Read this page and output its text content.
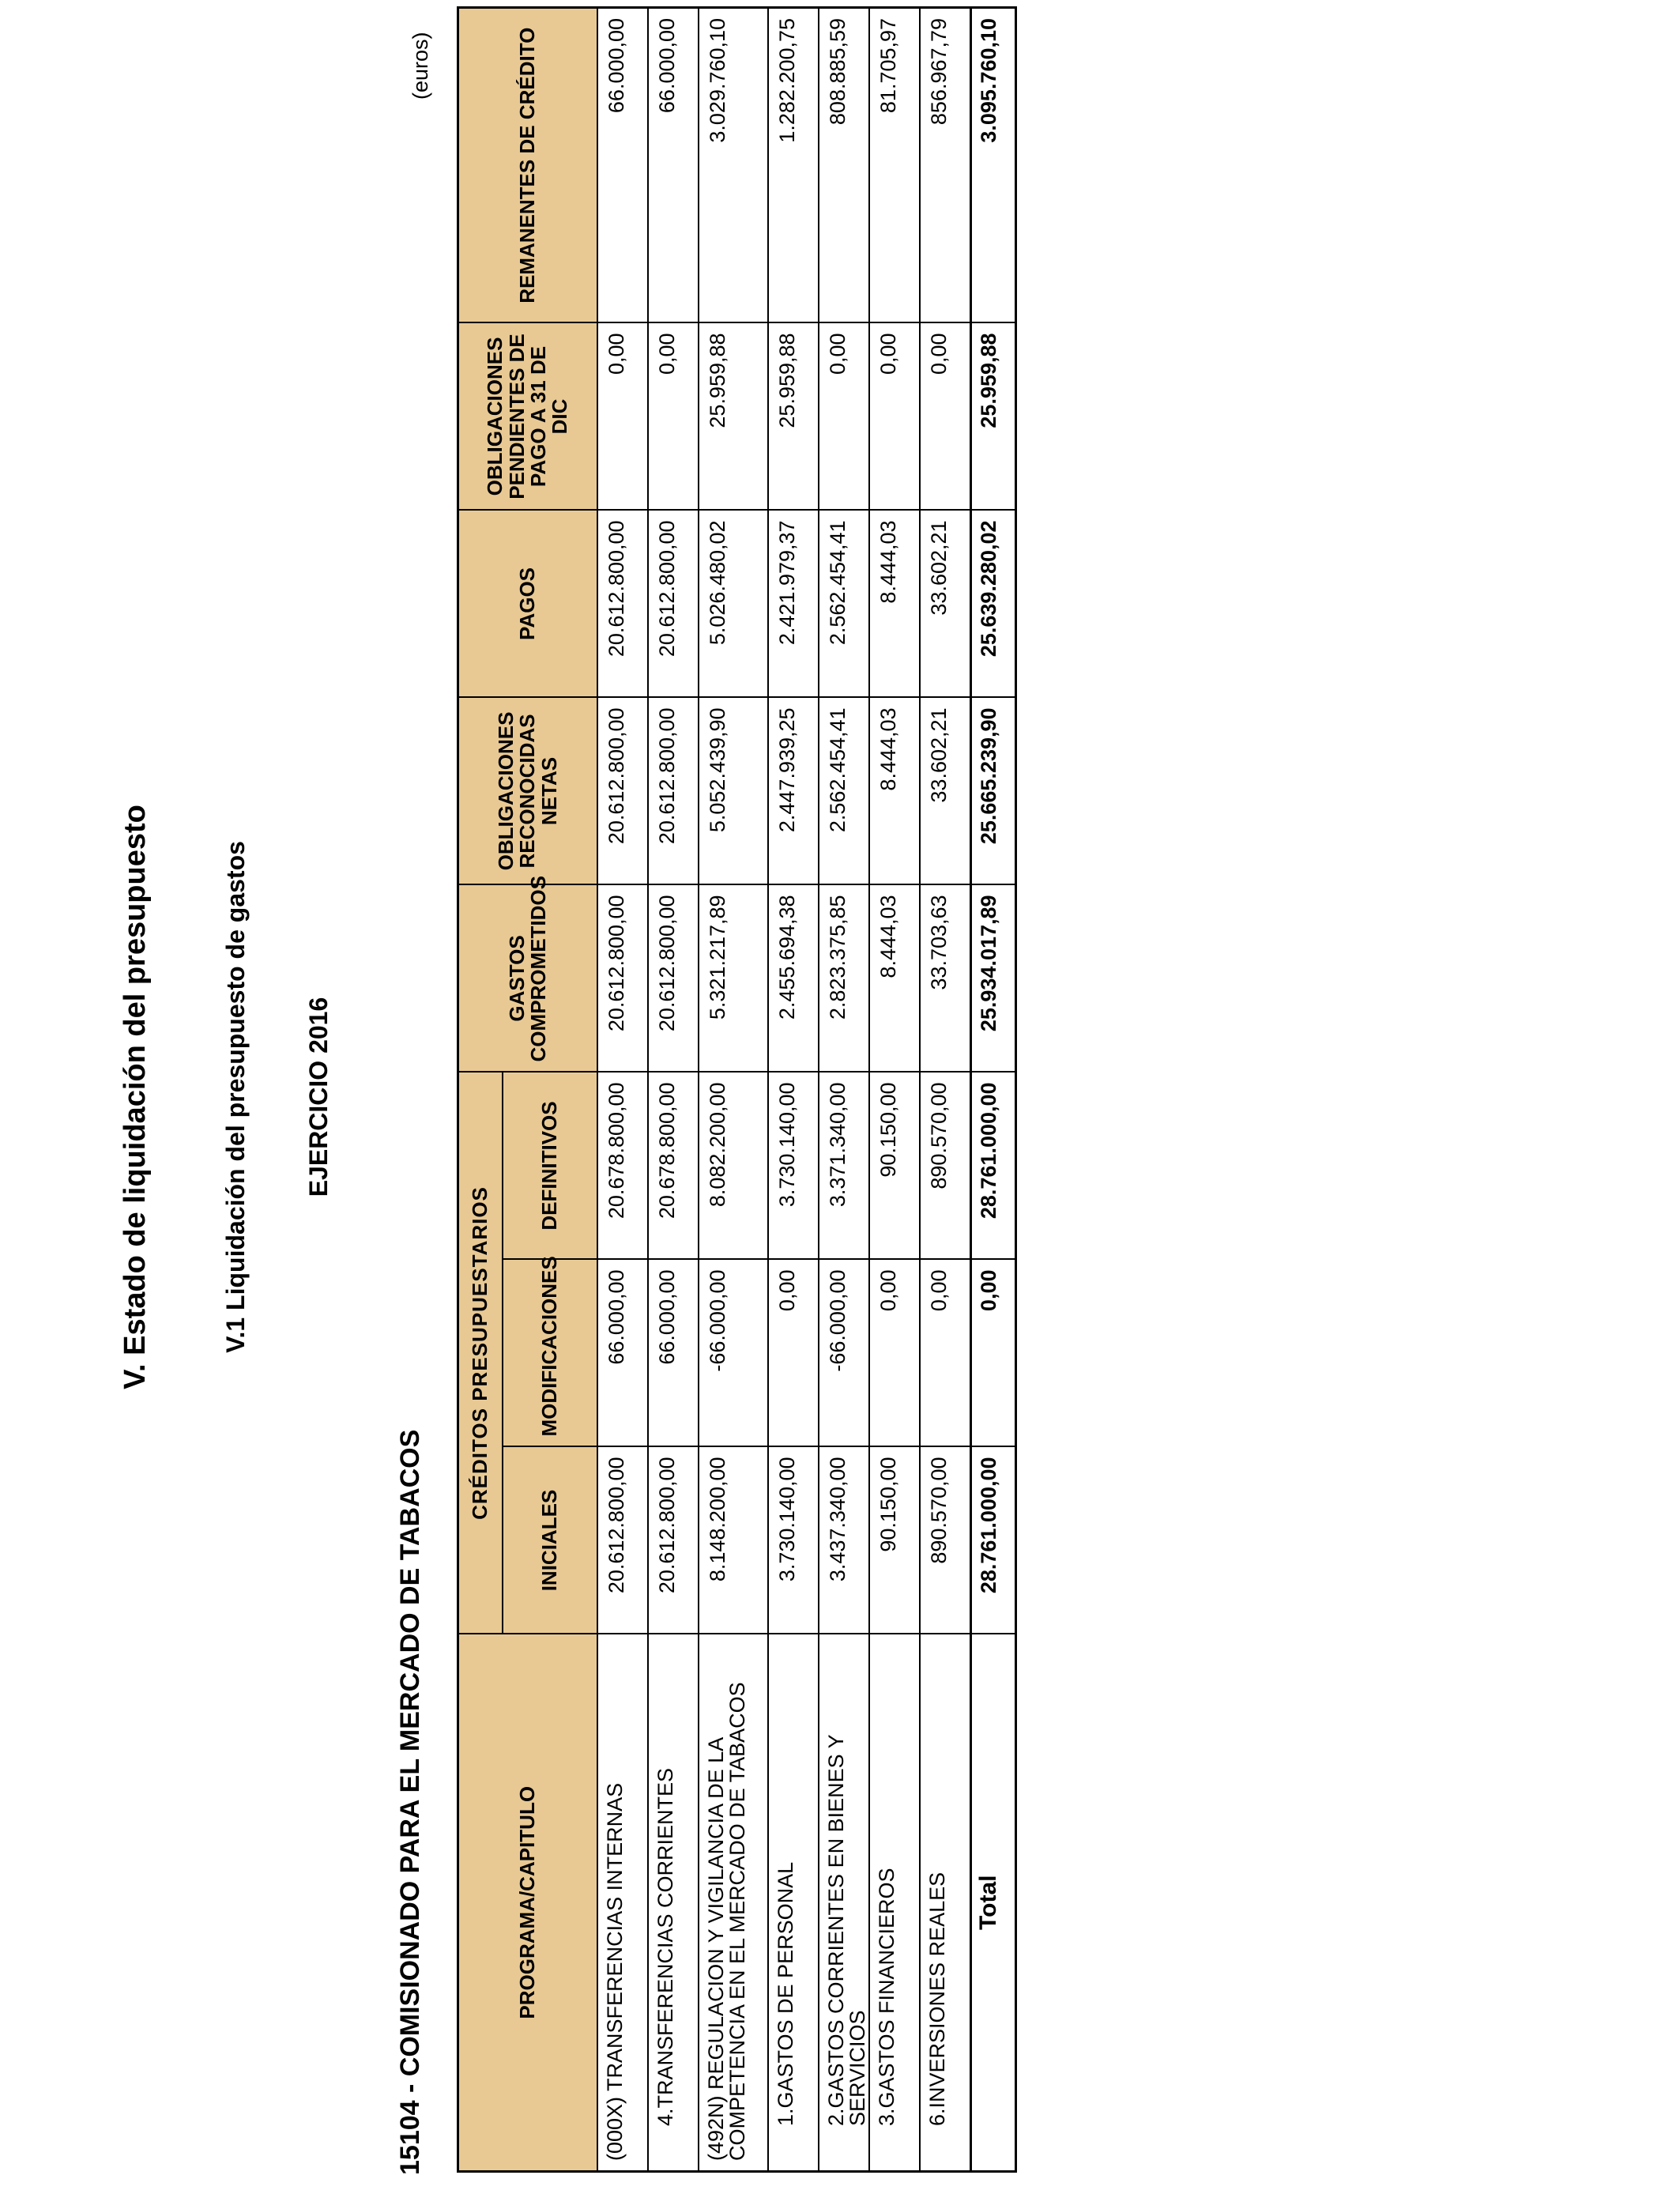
V. Estado de liquidación del presupuesto	V.1 Liquidación del presupuesto de gastos EJERCICIO 2016
15104 - COMISIONADO PARA EL MERCADO DE TABACOS
(euros)
PROGRAMA/CAPITULO	CRÉDITOS PRESUPUESTARIOS			GASTOS COMPROMETIDOS	OBLIGACIONES RECONOCIDAS NETAS	PAGOS	OBLIGACIONES PENDIENTES DE PAGO A 31 DE DIC	REMANENTES DE CRÉDITO
	INICIALES	MODIFICACIONES	DEFINITIVOS					
(000X) TRANSFERENCIAS INTERNAS	20.612.800,00	66.000,00	20.678.800,00	20.612.800,00	20.612.800,00	20.612.800,00	0,00	66.000,00
4.TRANSFERENCIAS CORRIENTES	20.612.800,00	66.000,00	20.678.800,00	20.612.800,00	20.612.800,00	20.612.800,00	0,00	66.000,00
(492N) REGULACION Y VIGILANCIA DE LA COMPETENCIA EN EL MERCADO DE TABACOS	8.148.200,00	-66.000,00	8.082.200,00	5.321.217,89	5.052.439,90	5.026.480,02	25.959,88	3.029.760,10
1.GASTOS DE PERSONAL	3.730.140,00	0,00	3.730.140,00	2.455.694,38	2.447.939,25	2.421.979,37	25.959,88	1.282.200,75
2.GASTOS CORRIENTES EN BIENES Y SERVICIOS	3.437.340,00	-66.000,00	3.371.340,00	2.823.375,85	2.562.454,41	2.562.454,41	0,00	808.885,59
3.GASTOS FINANCIEROS	90.150,00	0,00	90.150,00	8.444,03	8.444,03	8.444,03	0,00	81.705,97
6.INVERSIONES REALES	890.570,00	0,00	890.570,00	33.703,63	33.602,21	33.602,21	0,00	856.967,79
Total	28.761.000,00	0,00	28.761.000,00	25.934.017,89	25.665.239,90	25.639.280,02	25.959,88	3.095.760,10
